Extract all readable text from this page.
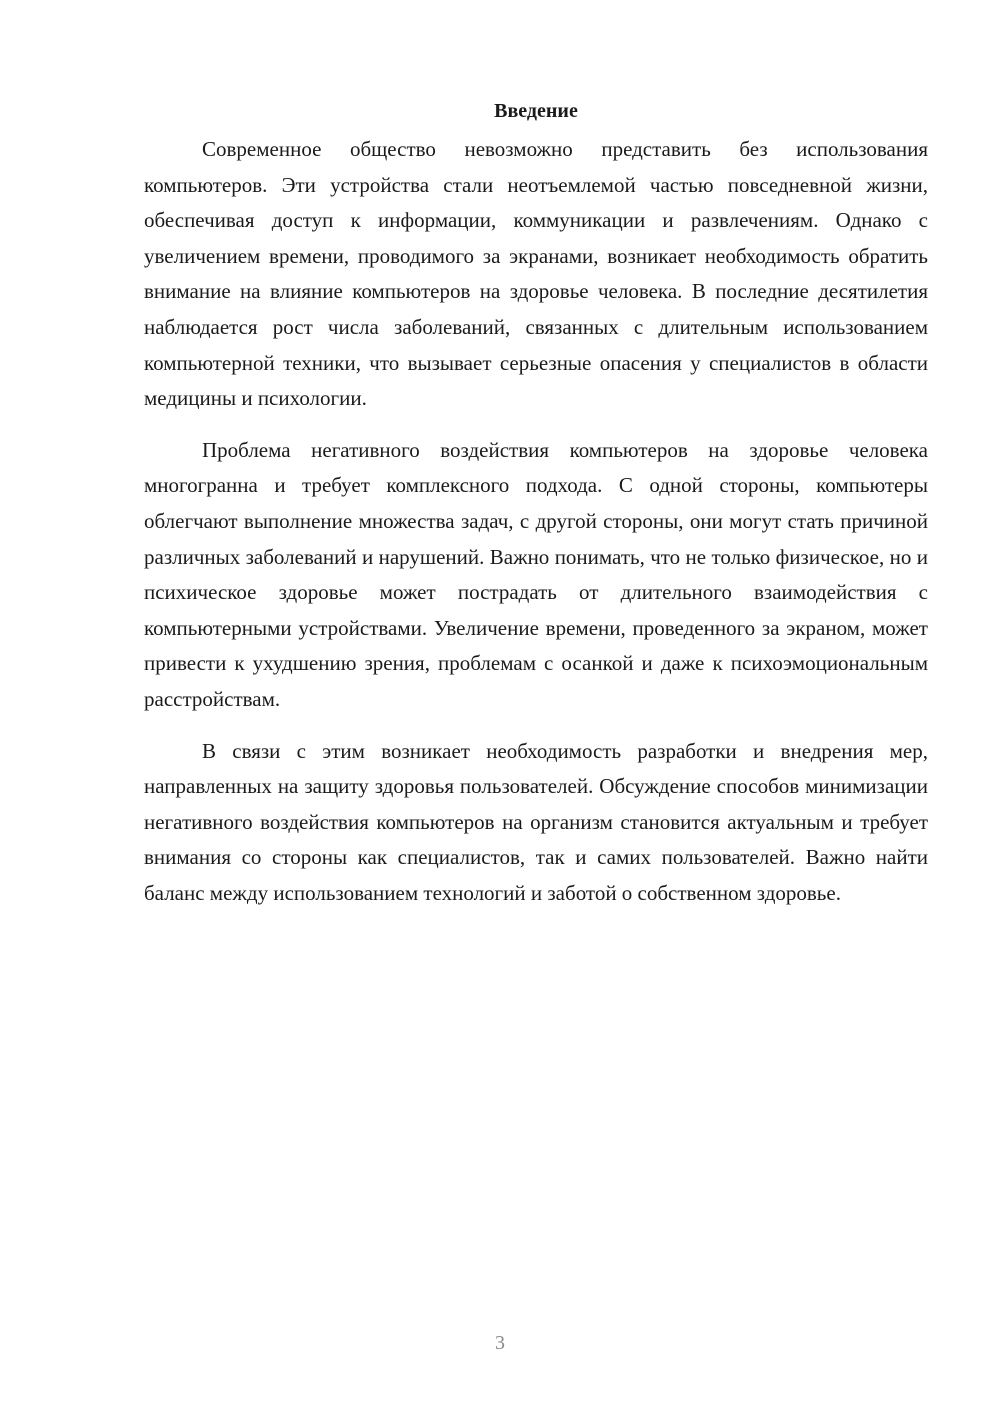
Введение

Современное общество невозможно представить без использования компьютеров. Эти устройства стали неотъемлемой частью повседневной жизни, обеспечивая доступ к информации, коммуникации и развлечениям. Однако с увеличением времени, проводимого за экранами, возникает необходимость обратить внимание на влияние компьютеров на здоровье человека. В последние десятилетия наблюдается рост числа заболеваний, связанных с длительным использованием компьютерной техники, что вызывает серьезные опасения у специалистов в области медицины и психологии.

Проблема негативного воздействия компьютеров на здоровье человека многогранна и требует комплексного подхода. С одной стороны, компьютеры облегчают выполнение множества задач, с другой стороны, они могут стать причиной различных заболеваний и нарушений. Важно понимать, что не только физическое, но и психическое здоровье может пострадать от длительного взаимодействия с компьютерными устройствами. Увеличение времени, проведенного за экраном, может привести к ухудшению зрения, проблемам с осанкой и даже к психоэмоциональным расстройствам.

В связи с этим возникает необходимость разработки и внедрения мер, направленных на защиту здоровья пользователей. Обсуждение способов минимизации негативного воздействия компьютеров на организм становится актуальным и требует внимания со стороны как специалистов, так и самих пользователей. Важно найти баланс между использованием технологий и заботой о собственном здоровье.

3
